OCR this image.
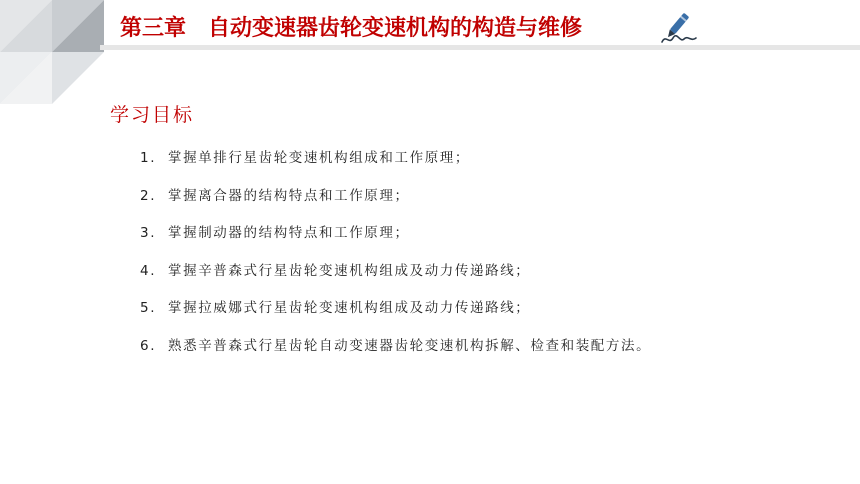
第三章 自动变速器齿轮变速机构的构造与维修
学习目标
1. 掌握单排行星齿轮变速机构组成和工作原理；
2. 掌握离合器的结构特点和工作原理；
3. 掌握制动器的结构特点和工作原理；
4. 掌握辛普森式行星齿轮变速机构组成及动力传递路线；
5. 掌握拉威娜式行星齿轮变速机构组成及动力传递路线；
6. 熟悉辛普森式行星齿轮自动变速器齿轮变速机构拆解、检查和装配方法。
